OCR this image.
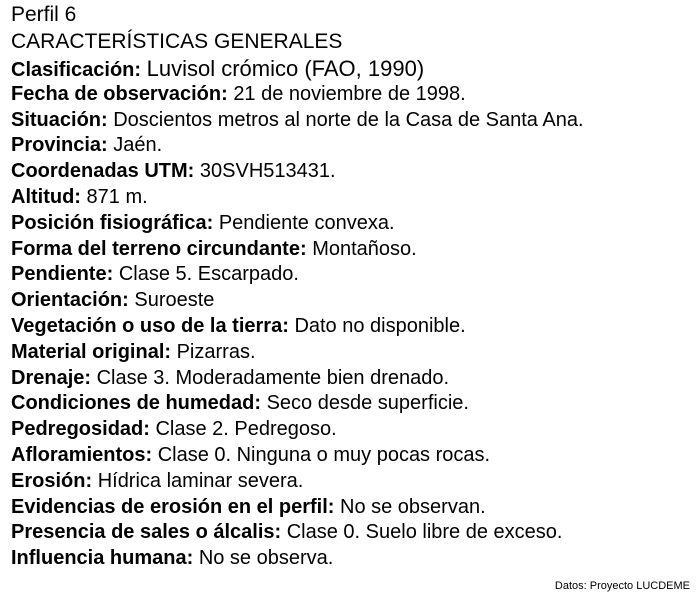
Perfil 6
CARACTERÍSTICAS GENERALES
Clasificación: Luvisol crómico (FAO, 1990)
Fecha de observación: 21 de noviembre de 1998.
Situación: Doscientos metros al norte de la Casa de Santa Ana.
Provincia: Jaén.
Coordenadas UTM: 30SVH513431.
Altitud: 871 m.
Posición fisiográfica: Pendiente convexa.
Forma del terreno circundante: Montañoso.
Pendiente: Clase 5. Escarpado.
Orientación: Suroeste
Vegetación o uso de la tierra: Dato no disponible.
Material original: Pizarras.
Drenaje: Clase 3. Moderadamente bien drenado.
Condiciones de humedad: Seco desde superficie.
Pedregosidad: Clase 2. Pedregoso.
Afloramientos: Clase 0. Ninguna o muy pocas rocas.
Erosión: Hídrica laminar severa.
Evidencias de erosión en el perfil: No se observan.
Presencia de sales o álcalis: Clase 0. Suelo libre de exceso.
Influencia humana: No se observa.
Datos: Proyecto LUCDEME
